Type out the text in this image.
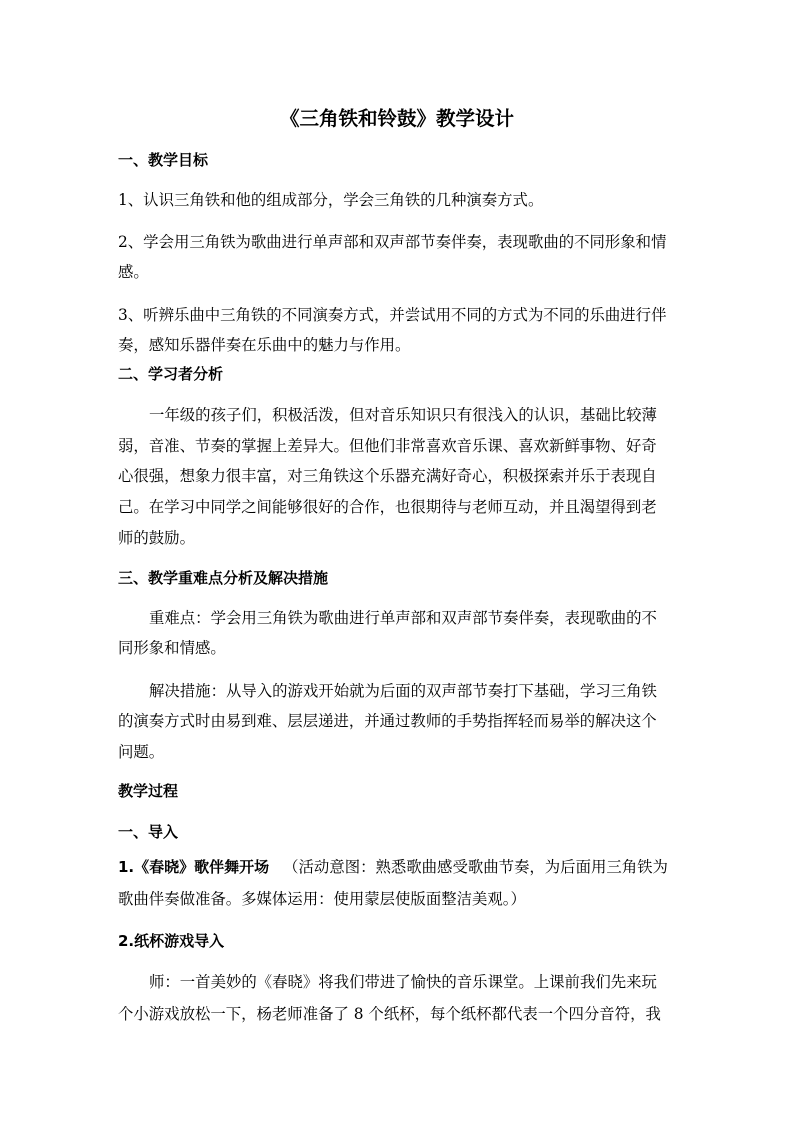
《三角铁和铃鼓》教学设计
一、教学目标
1、认识三角铁和他的组成部分，学会三角铁的几种演奏方式。
2、学会用三角铁为歌曲进行单声部和双声部节奏伴奏，表现歌曲的不同形象和情
感。
3、听辨乐曲中三角铁的不同演奏方式，并尝试用不同的方式为不同的乐曲进行伴
奏，感知乐器伴奏在乐曲中的魅力与作用。
二、学习者分析
一年级的孩子们，积极活泼，但对音乐知识只有很浅入的认识，基础比较薄
弱，音准、节奏的掌握上差异大。但他们非常喜欢音乐课、喜欢新鲜事物、好奇
心很强，想象力很丰富，对三角铁这个乐器充满好奇心，积极探索并乐于表现自
己。在学习中同学之间能够很好的合作，也很期待与老师互动，并且渴望得到老
师的鼓励。
三、教学重难点分析及解决措施
重难点：学会用三角铁为歌曲进行单声部和双声部节奏伴奏，表现歌曲的不
同形象和情感。
解决措施：从导入的游戏开始就为后面的双声部节奏打下基础，学习三角铁
的演奏方式时由易到难、层层递进，并通过教师的手势指挥轻而易举的解决这个
问题。
教学过程
一、导入
1.《春晓》歌伴舞开场 （活动意图：熟悉歌曲感受歌曲节奏，为后面用三角铁为
歌曲伴奏做准备。多媒体运用：使用蒙层使版面整洁美观。）
2.纸杯游戏导入
师：一首美妙的《春晓》将我们带进了愉快的音乐课堂。上课前我们先来玩
个小游戏放松一下，杨老师准备了 8 个纸杯，每个纸杯都代表一个四分音符，我
